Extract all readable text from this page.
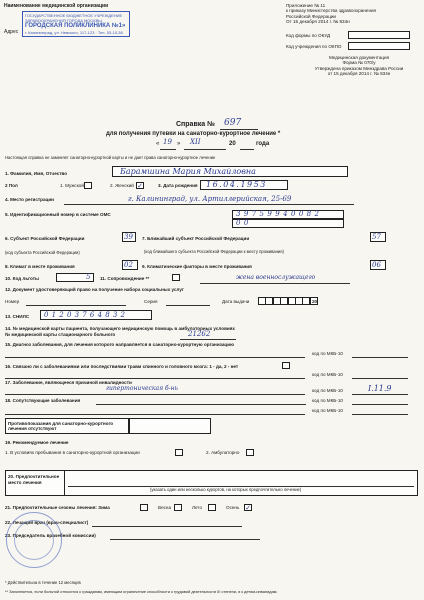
Наименование медицинской организации
Адрес
ГОСУДАРСТВЕННОЕ БЮДЖЕТНОЕ УЧРЕЖДЕНИЕ
ЗДРАВООХРАНЕНИЯ ГОРОДА МОСКВЫ
ГОРОДСКАЯ ПОЛИКЛИНИКА №1»
г. Калининград, ул. Невского, 117-123 · Тел. 53-10-38
Приложение № 11
к приказу Министерства здравоохранения
Российской Федерации
От 15 декабря 2014 г. № 834н
Код формы по ОКУД
Код учреждения по ОКПО
Медицинская документация
Форма № 070/у
Утверждена приказом Минздрава России
от 15 декабря 2014 г. № 834н
Справка № 697
для получения путевки на санаторно-курортное лечение *
« 19 » XII	20	года
Настоящая справка не заменяет санаторно-курортной карты и не дает права санаторно-курортное лечение
1. Фамилия, Имя, Отчество	Барамшина Мария Михайловна
2 Пол	1. Мужской	2. Женский ✓	3. Дата рождения 16.04.1953
4. Место регистрации	г. Калининград, ул. Артиллерийская, 25-69
5. Идентификационный номер в системе ОМС	39759940082
00
6. Субъект Российской Федерации	39 7. Ближайший субъект Российской Федерации	57
(код субъекта Российской Федерации)	(код ближайшего субъекта Российской Федерации к месту проживания)
8. Климат в месте проживания	02 9. Климатические факторы в месте проживания	06
10. Код льготы	5 11. Сопровождение **	жена военнослужащего
12. Документ удостоверяющий право на получение набора социальных услуг
Номер	Серия	Дата выдачи	20
13. СНИЛС 01203764832
14. № медицинской карты пациента, получающего медицинскую помощь в амбулаторных условиях
№ медицинской карты стационарного больного	21262
15. Диагноз заболевания, для лечения которого направляется в санаторно-курортную организацию
код по МКБ-10
16. Связано ли с заболеваниями или последствиями травм спинного и головного мозга: 1 - да, 2 - нет
код по МКБ-10
17. Заболевание, являющееся причиной инвалидности
гипертоническая б-нь	код по МКБ-10	I.11.9
18. Сопутствующие заболевания	код по МКБ-10
код по МКБ-10
Противопоказания для санаторно-курортного лечения отсутствуют
19. Рекомендуемое лечение
1. В условиях пребывания в санаторно-курортной организации	2. Амбулаторно
20. Предпочтительное место лечения
(указать один или несколько курортов, на которых предпочтительно лечение)
21. Предпочтительные сезоны лечения: Зима	Весна	Лето	Осень ✓
22. Лечащий врач (врач-специалист)
23. Председатель врачебной комиссии)
* Действительна в течение 12 месяцев
** Заполняется, если больной относится к гражданам, имеющим ограничение способности к трудовой деятельности III степени, и к детям-инвалидам.
